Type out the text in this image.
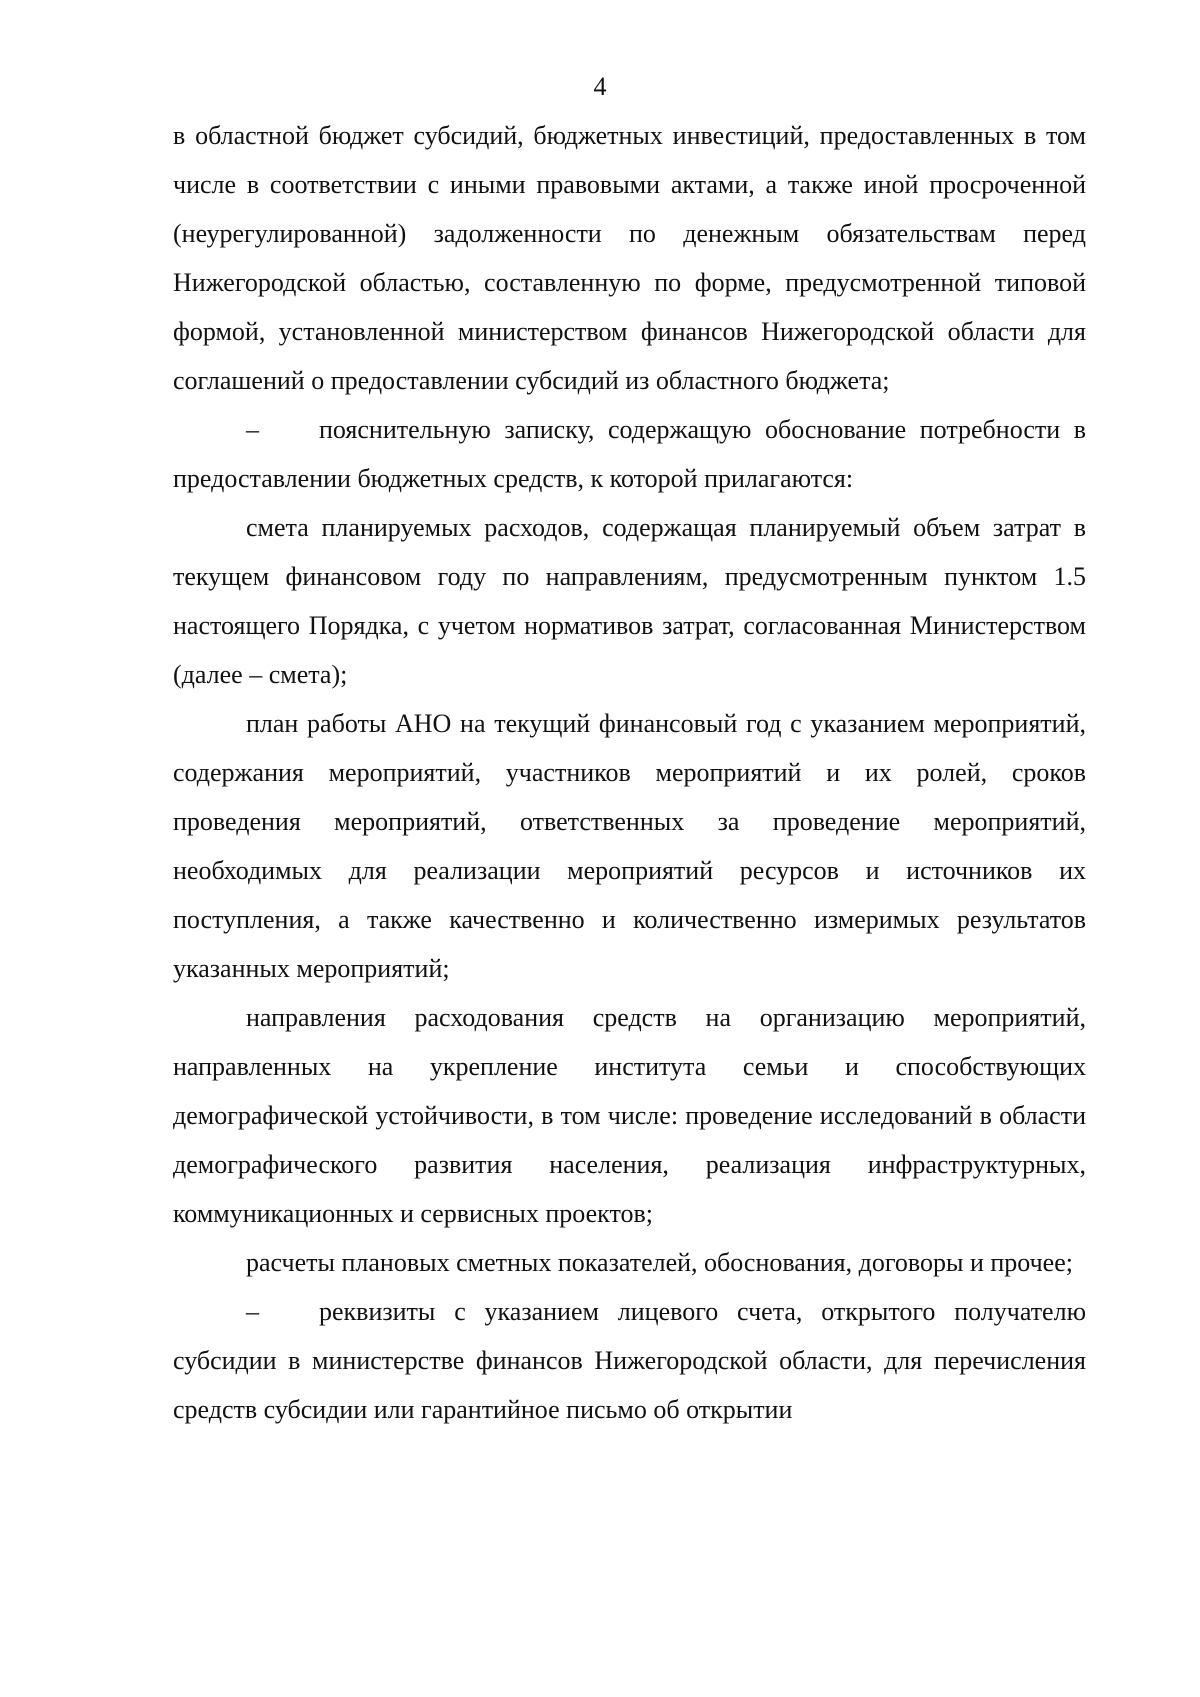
4

в областной бюджет субсидий, бюджетных инвестиций, предоставленных в том числе в соответствии с иными правовыми актами, а также иной просроченной (неурегулированной) задолженности по денежным обязательствам перед Нижегородской областью, составленную по форме, предусмотренной типовой формой, установленной министерством финансов Нижегородской области для соглашений о предоставлении субсидий из областного бюджета;

– пояснительную записку, содержащую обоснование потребности в предоставлении бюджетных средств, к которой прилагаются:

смета планируемых расходов, содержащая планируемый объем затрат в текущем финансовом году по направлениям, предусмотренным пунктом 1.5 настоящего Порядка, с учетом нормативов затрат, согласованная Министерством (далее – смета);

план работы АНО на текущий финансовый год с указанием мероприятий, содержания мероприятий, участников мероприятий и их ролей, сроков проведения мероприятий, ответственных за проведение мероприятий, необходимых для реализации мероприятий ресурсов и источников их поступления, а также качественно и количественно измеримых результатов указанных мероприятий;

направления расходования средств на организацию мероприятий, направленных на укрепление института семьи и способствующих демографической устойчивости, в том числе: проведение исследований в области демографического развития населения, реализация инфраструктурных, коммуникационных и сервисных проектов;

расчеты плановых сметных показателей, обоснования, договоры и прочее;

– реквизиты с указанием лицевого счета, открытого получателю субсидии в министерстве финансов Нижегородской области, для перечисления средств субсидии или гарантийное письмо об открытии
